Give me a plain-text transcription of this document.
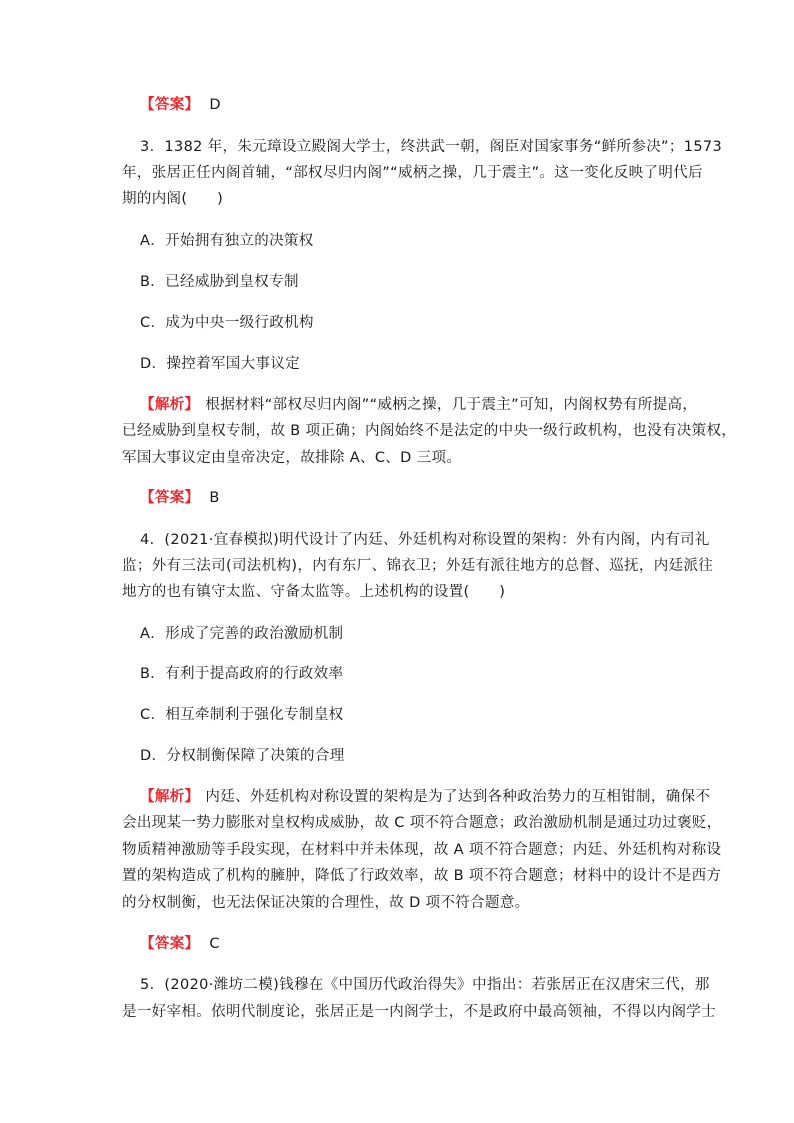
【答案】 D
3．1382 年，朱元璋设立殿阁大学士，终洪武一朝，阁臣对国家事务“鲜所参决”；1573
年，张居正任内阁首辅，“部权尽归内阁”“威柄之操，几于震主”。这一变化反映了明代后
期的内阁(　　)
A．开始拥有独立的决策权
B．已经威胁到皇权专制
C．成为中央一级行政机构
D．操控着军国大事议定
【解析】 根据材料“部权尽归内阁”“威柄之操，几于震主”可知，内阁权势有所提高，
已经威胁到皇权专制，故 B 项正确；内阁始终不是法定的中央一级行政机构，也没有决策权，
军国大事议定由皇帝决定，故排除 A、C、D 三项。
【答案】 B
4．(2021·宜春模拟)明代设计了内廷、外廷机构对称设置的架构：外有内阁，内有司礼
监；外有三法司(司法机构)，内有东厂、锦衣卫；外廷有派往地方的总督、巡抚，内廷派往
地方的也有镇守太监、守备太监等。上述机构的设置(　　)
A．形成了完善的政治激励机制
B．有利于提高政府的行政效率
C．相互牵制利于强化专制皇权
D．分权制衡保障了决策的合理
【解析】 内廷、外廷机构对称设置的架构是为了达到各种政治势力的互相钳制，确保不
会出现某一势力膨胀对皇权构成威胁，故 C 项不符合题意；政治激励机制是通过功过褒贬，
物质精神激励等手段实现，在材料中并未体现，故 A 项不符合题意；内廷、外廷机构对称设
置的架构造成了机构的臃肿，降低了行政效率，故 B 项不符合题意；材料中的设计不是西方
的分权制衡，也无法保证决策的合理性，故 D 项不符合题意。
【答案】 C
5．(2020·潍坊二模)钱穆在《中国历代政治得失》中指出：若张居正在汉唐宋三代，那
是一好宰相。依明代制度论，张居正是一内阁学士，不是政府中最高领袖，不得以内阁学士
